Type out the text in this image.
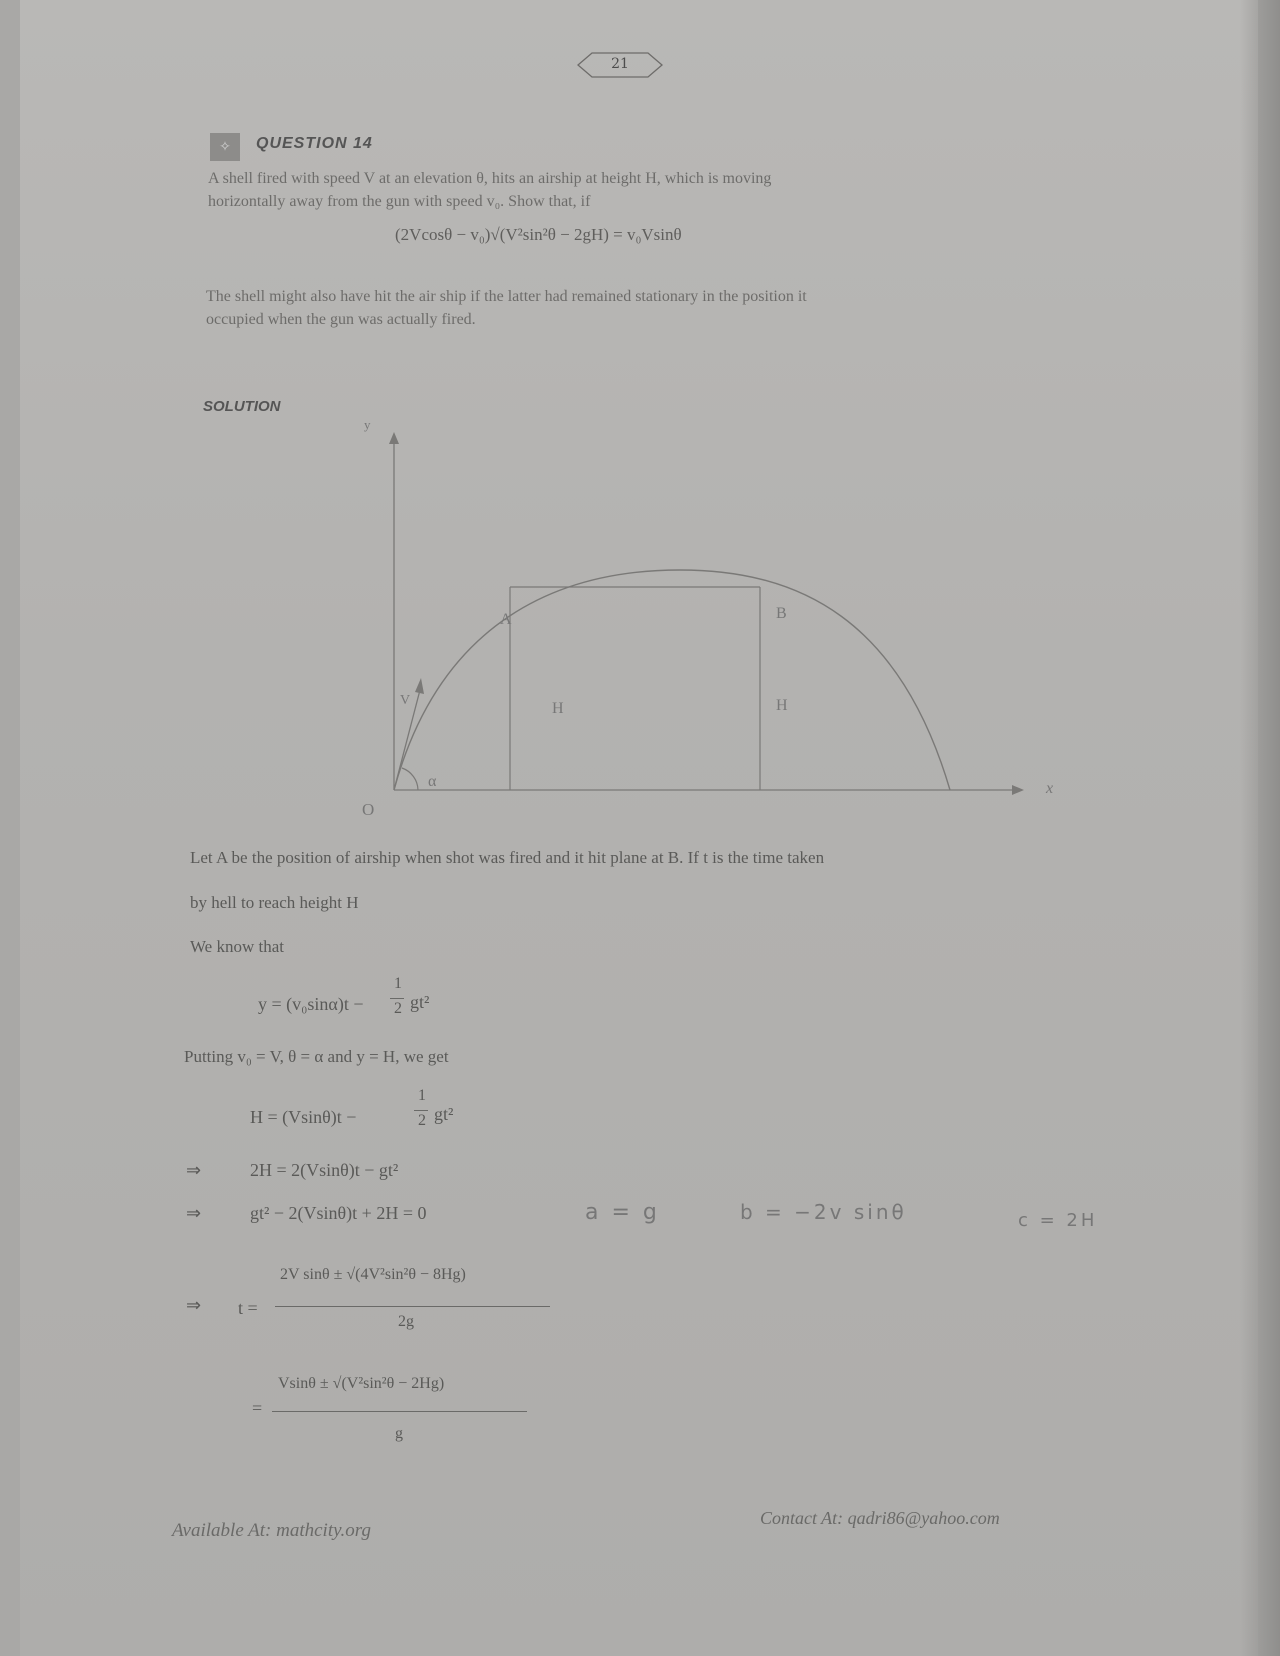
21
✧	QUESTION 14
A shell fired with speed V at an elevation θ, hits an airship at height H, which is moving
horizontally away from the gun with speed v₀. Show that, if
(2Vcosθ − v₀)√(V²sin²θ − 2gH) = v₀Vsinθ
The shell might also have hit the air ship if the latter had remained stationary in the position it
occupied when the gun was actually fired.
SOLUTION
y
x
O
A	B
H	H
V
α
Let A be the position of airship when shot was fired and it hit plane at B. If t is the time taken
by hell to reach height H
We know that
y = (v₀sinα)t −
1
2 gt²
Putting v₀ = V, θ = α and y = H, we get
H = (Vsinθ)t −
1
2 gt²
⇒	2H = 2(Vsinθ)t − gt²
⇒	gt² − 2(Vsinθ)t + 2H = 0	a = g	b = −2v sinθ	c = 2H
⇒ t =
2V sinθ ± √(4V²sin²θ − 8Hg)
2g
=
Vsinθ ± √(V²sin²θ − 2Hg)
g
Available At: mathcity.org
Contact At: qadri86@yahoo.com
